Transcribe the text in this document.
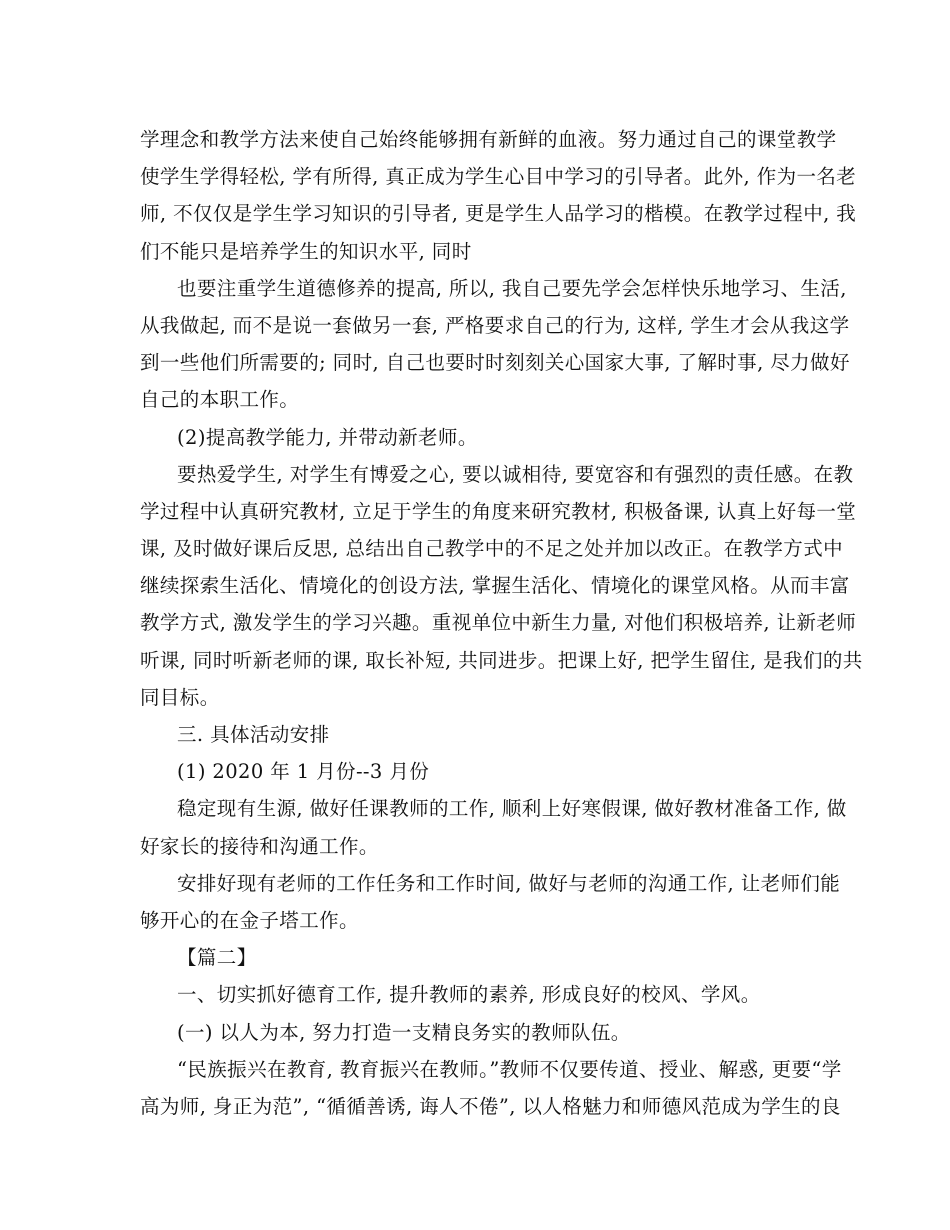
学理念和教学方法来使自己始终能够拥有新鲜的血液。努力通过自己的课堂教学
使学生学得轻松, 学有所得, 真正成为学生心目中学习的引导者。此外, 作为一名老
师, 不仅仅是学生学习知识的引导者, 更是学生人品学习的楷模。在教学过程中, 我
们不能只是培养学生的知识水平, 同时
也要注重学生道德修养的提高, 所以, 我自己要先学会怎样快乐地学习、生活,
从我做起, 而不是说一套做另一套, 严格要求自己的行为, 这样, 学生才会从我这学
到一些他们所需要的; 同时, 自己也要时时刻刻关心国家大事, 了解时事, 尽力做好
自己的本职工作。
(2)提高教学能力, 并带动新老师。
要热爱学生, 对学生有博爱之心, 要以诚相待, 要宽容和有强烈的责任感。在教
学过程中认真研究教材, 立足于学生的角度来研究教材, 积极备课, 认真上好每一堂
课, 及时做好课后反思, 总结出自己教学中的不足之处并加以改正。在教学方式中
继续探索生活化、情境化的创设方法, 掌握生活化、情境化的课堂风格。从而丰富
教学方式, 激发学生的学习兴趣。重视单位中新生力量, 对他们积极培养, 让新老师
听课, 同时听新老师的课, 取长补短, 共同进步。把课上好, 把学生留住, 是我们的共
同目标。
三. 具体活动安排
(1) 2020 年 1 月份--3 月份
稳定现有生源, 做好任课教师的工作, 顺利上好寒假课, 做好教材准备工作, 做
好家长的接待和沟通工作。
安排好现有老师的工作任务和工作时间, 做好与老师的沟通工作, 让老师们能
够开心的在金子塔工作。
【篇二】
一、切实抓好德育工作, 提升教师的素养, 形成良好的校风、学风。
(一) 以人为本, 努力打造一支精良务实的教师队伍。
“民族振兴在教育, 教育振兴在教师。”教师不仅要传道、授业、解惑, 更要“学
高为师, 身正为范”, “循循善诱, 诲人不倦”, 以人格魅力和师德风范成为学生的良
